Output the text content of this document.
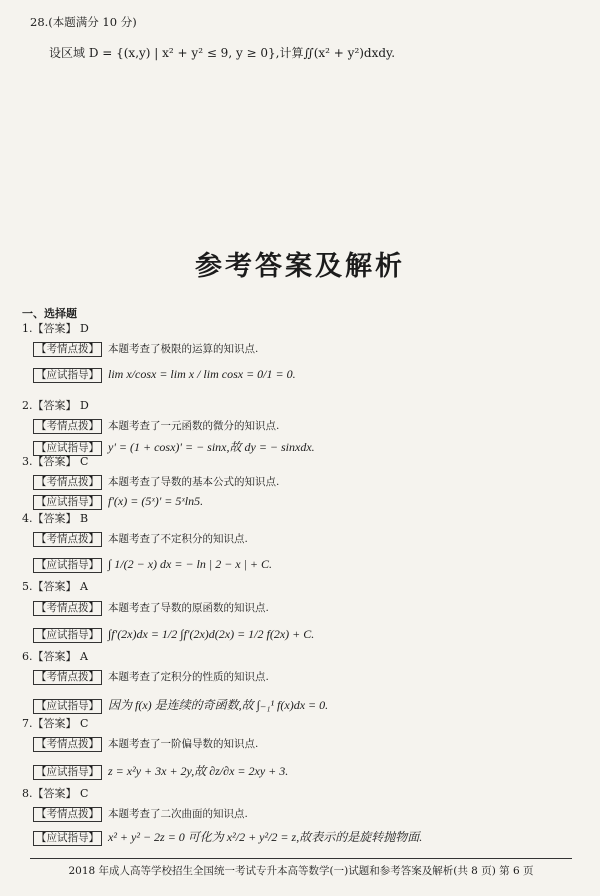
28.(本题满分 10 分)
设区域 D = {(x,y) | x² + y² ≤ 9, y ≥ 0},计算∬(x² + y²)dxdy.
参考答案及解析
一、选择题
1.【答案】 D
【考情点拨】 本题考查了极限的运算的知识点.
【应试指导】 lim x/cosx = lim x / lim cosx = 0/1 = 0.
2.【答案】 D
【考情点拨】 本题考查了一元函数的微分的知识点.
【应试指导】 y' = (1 + cosx)' = − sinx,故 dy = − sinxdx.
3.【答案】 C
【考情点拨】 本题考查了导数的基本公式的知识点.
【应试指导】 f'(x) = (5ˣ)' = 5ˣln5.
4.【答案】 B
【考情点拨】 本题考查了不定积分的知识点.
【应试指导】 ∫ 1/(2 − x) dx = − ln | 2 − x | + C.
5.【答案】 A
【考情点拨】 本题考查了导数的原函数的知识点.
【应试指导】 ∫f'(2x)dx = 1/2 ∫f'(2x)d(2x) = 1/2 f(2x) + C.
6.【答案】 A
【考情点拨】 本题考查了定积分的性质的知识点.
【应试指导】 因为 f(x) 是连续的奇函数,故 ∫₋₁¹ f(x)dx = 0.
7.【答案】 C
【考情点拨】 本题考查了一阶偏导数的知识点.
【应试指导】 z = x²y + 3x + 2y,故 ∂z/∂x = 2xy + 3.
8.【答案】 C
【考情点拨】 本题考查了二次曲面的知识点.
【应试指导】 x² + y² − 2z = 0 可化为 x²/2 + y²/2 = z,故表示的是旋转抛物面.
2018 年成人高等学校招生全国统一考试专升本高等数学(一)试题和参考答案及解析(共 8 页) 第 6 页
